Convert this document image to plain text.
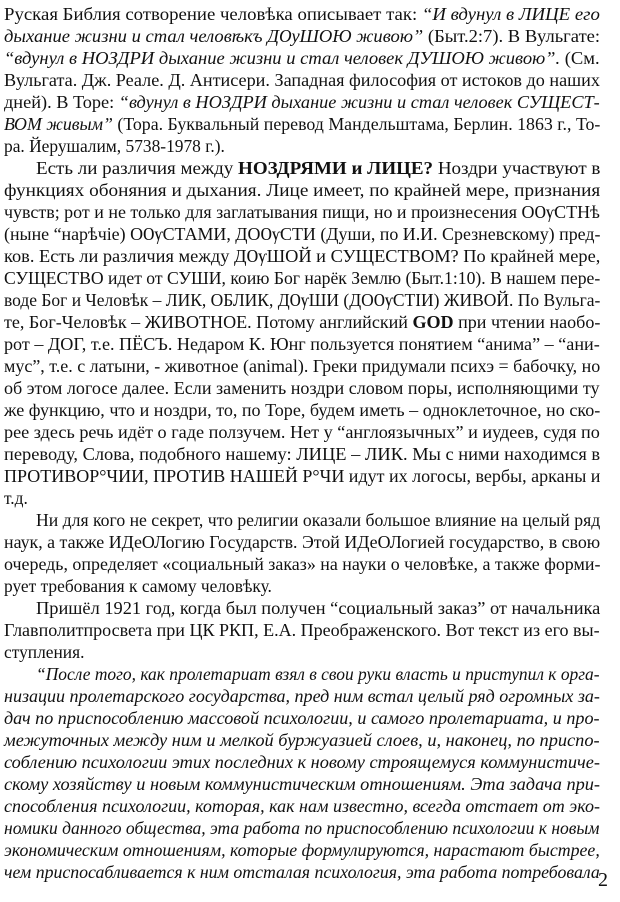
Руская Библия сотворение человѣка описывает так: “И вдунул в ЛИЦЕ его
дыхание жизни и стал человѣкъ ДѸШОЮ живою” (Быт.2:7). В Вульгате:
“вдунул в НОЗДРИ дыхание жизни и стал человек ДУШОЮ живою”. (См.
Вульгата. Дж. Реале. Д. Антисери. Западная философия от истоков до наших
дней). В Торе: “вдунул в НОЗДРИ дыхание жизни и стал человек СУЩЕСТ-
ВОМ живым” (Тора. Буквальный перевод Мандельштама, Берлин. 1863 г., То-
ра. Йерушалим, 5738-1978 г.).
Есть ли различия между НОЗДРЯМИ и ЛИЦЕ? Ноздри участвуют в
функциях обоняния и дыхания. Лице имеет, по крайней мере, признания
чувств; рот и не только для заглатывания пищи, но и произнесения ОѸСТНѣ
(ныне “нарѣчіе) ОѸСТАМИ, ДОѸСТИ (Души, по И.И. Срезневскому) пред-
ков. Есть ли различия между ДѸШОЙ и СУЩЕСТВОМ? По крайней мере,
СУЩЕСТВО идет от СУШИ, коию Бог нарёк Землю (Быт.1:10). В нашем пере-
воде Бог и Человѣк – ЛИК, ОБЛИК, ДѸШИ (ДОѸСТІИ) ЖИВОЙ. По Вульга-
те, Бог-Человѣк – ЖИВОТНОЕ. Потому английский GOD при чтении наобо-
рот – ДОГ, т.е. ПЁСЪ. Недаром К. Юнг пользуется понятием “анима” – “ани-
мус”, т.е. с латыни, - животное (animal). Греки придумали психэ = бабочку, но
об этом логосе далее. Если заменить ноздри словом поры, исполняющими ту
же функцию, что и ноздри, то, по Торе, будем иметь – одноклеточное, но ско-
рее здесь речь идёт о гаде ползучем. Нет у “англоязычных” и иудеев, судя по
переводу, Слова, подобного нашему: ЛИЦЕ – ЛИК. Мы с ними находимся в
ПРОТИВОР°ЧИИ, ПРОТИВ НАШЕЙ Р°ЧИ идут их логосы, вербы, арканы и
т.д.
Ни для кого не секрет, что религии оказали большое влияние на целый ряд
наук, а также ИДеОЛогию Государств. Этой ИДеОЛогией государство, в свою
очередь, определяет «социальный заказ» на науки о человѣке, а также форми-
рует требования к самому человѣку.
Пришёл 1921 год, когда был получен “социальный заказ” от начальника
Главполитпросвета при ЦК РКП, Е.А. Преображенского. Вот текст из его вы-
ступления.
“После того, как пролетариат взял в свои руки власть и приступил к орга-
низации пролетарского государства, пред ним встал целый ряд огромных за-
дач по приспособлению массовой психологии, и самого пролетариата, и про-
межуточных между ним и мелкой буржуазией слоев, и, наконец, по приспо-
соблению психологии этих последних к новому строящемуся коммунистиче-
скому хозяйству и новым коммунистическим отношениям. Эта задача при-
способления психологии, которая, как нам известно, всегда отстает от эко-
номики данного общества, эта работа по приспособлению психологии к новым
экономическим отношениям, которые формулируются, нарастают быстрее,
чем приспосабливается к ним отсталая психология, эта работа потребовала
2
